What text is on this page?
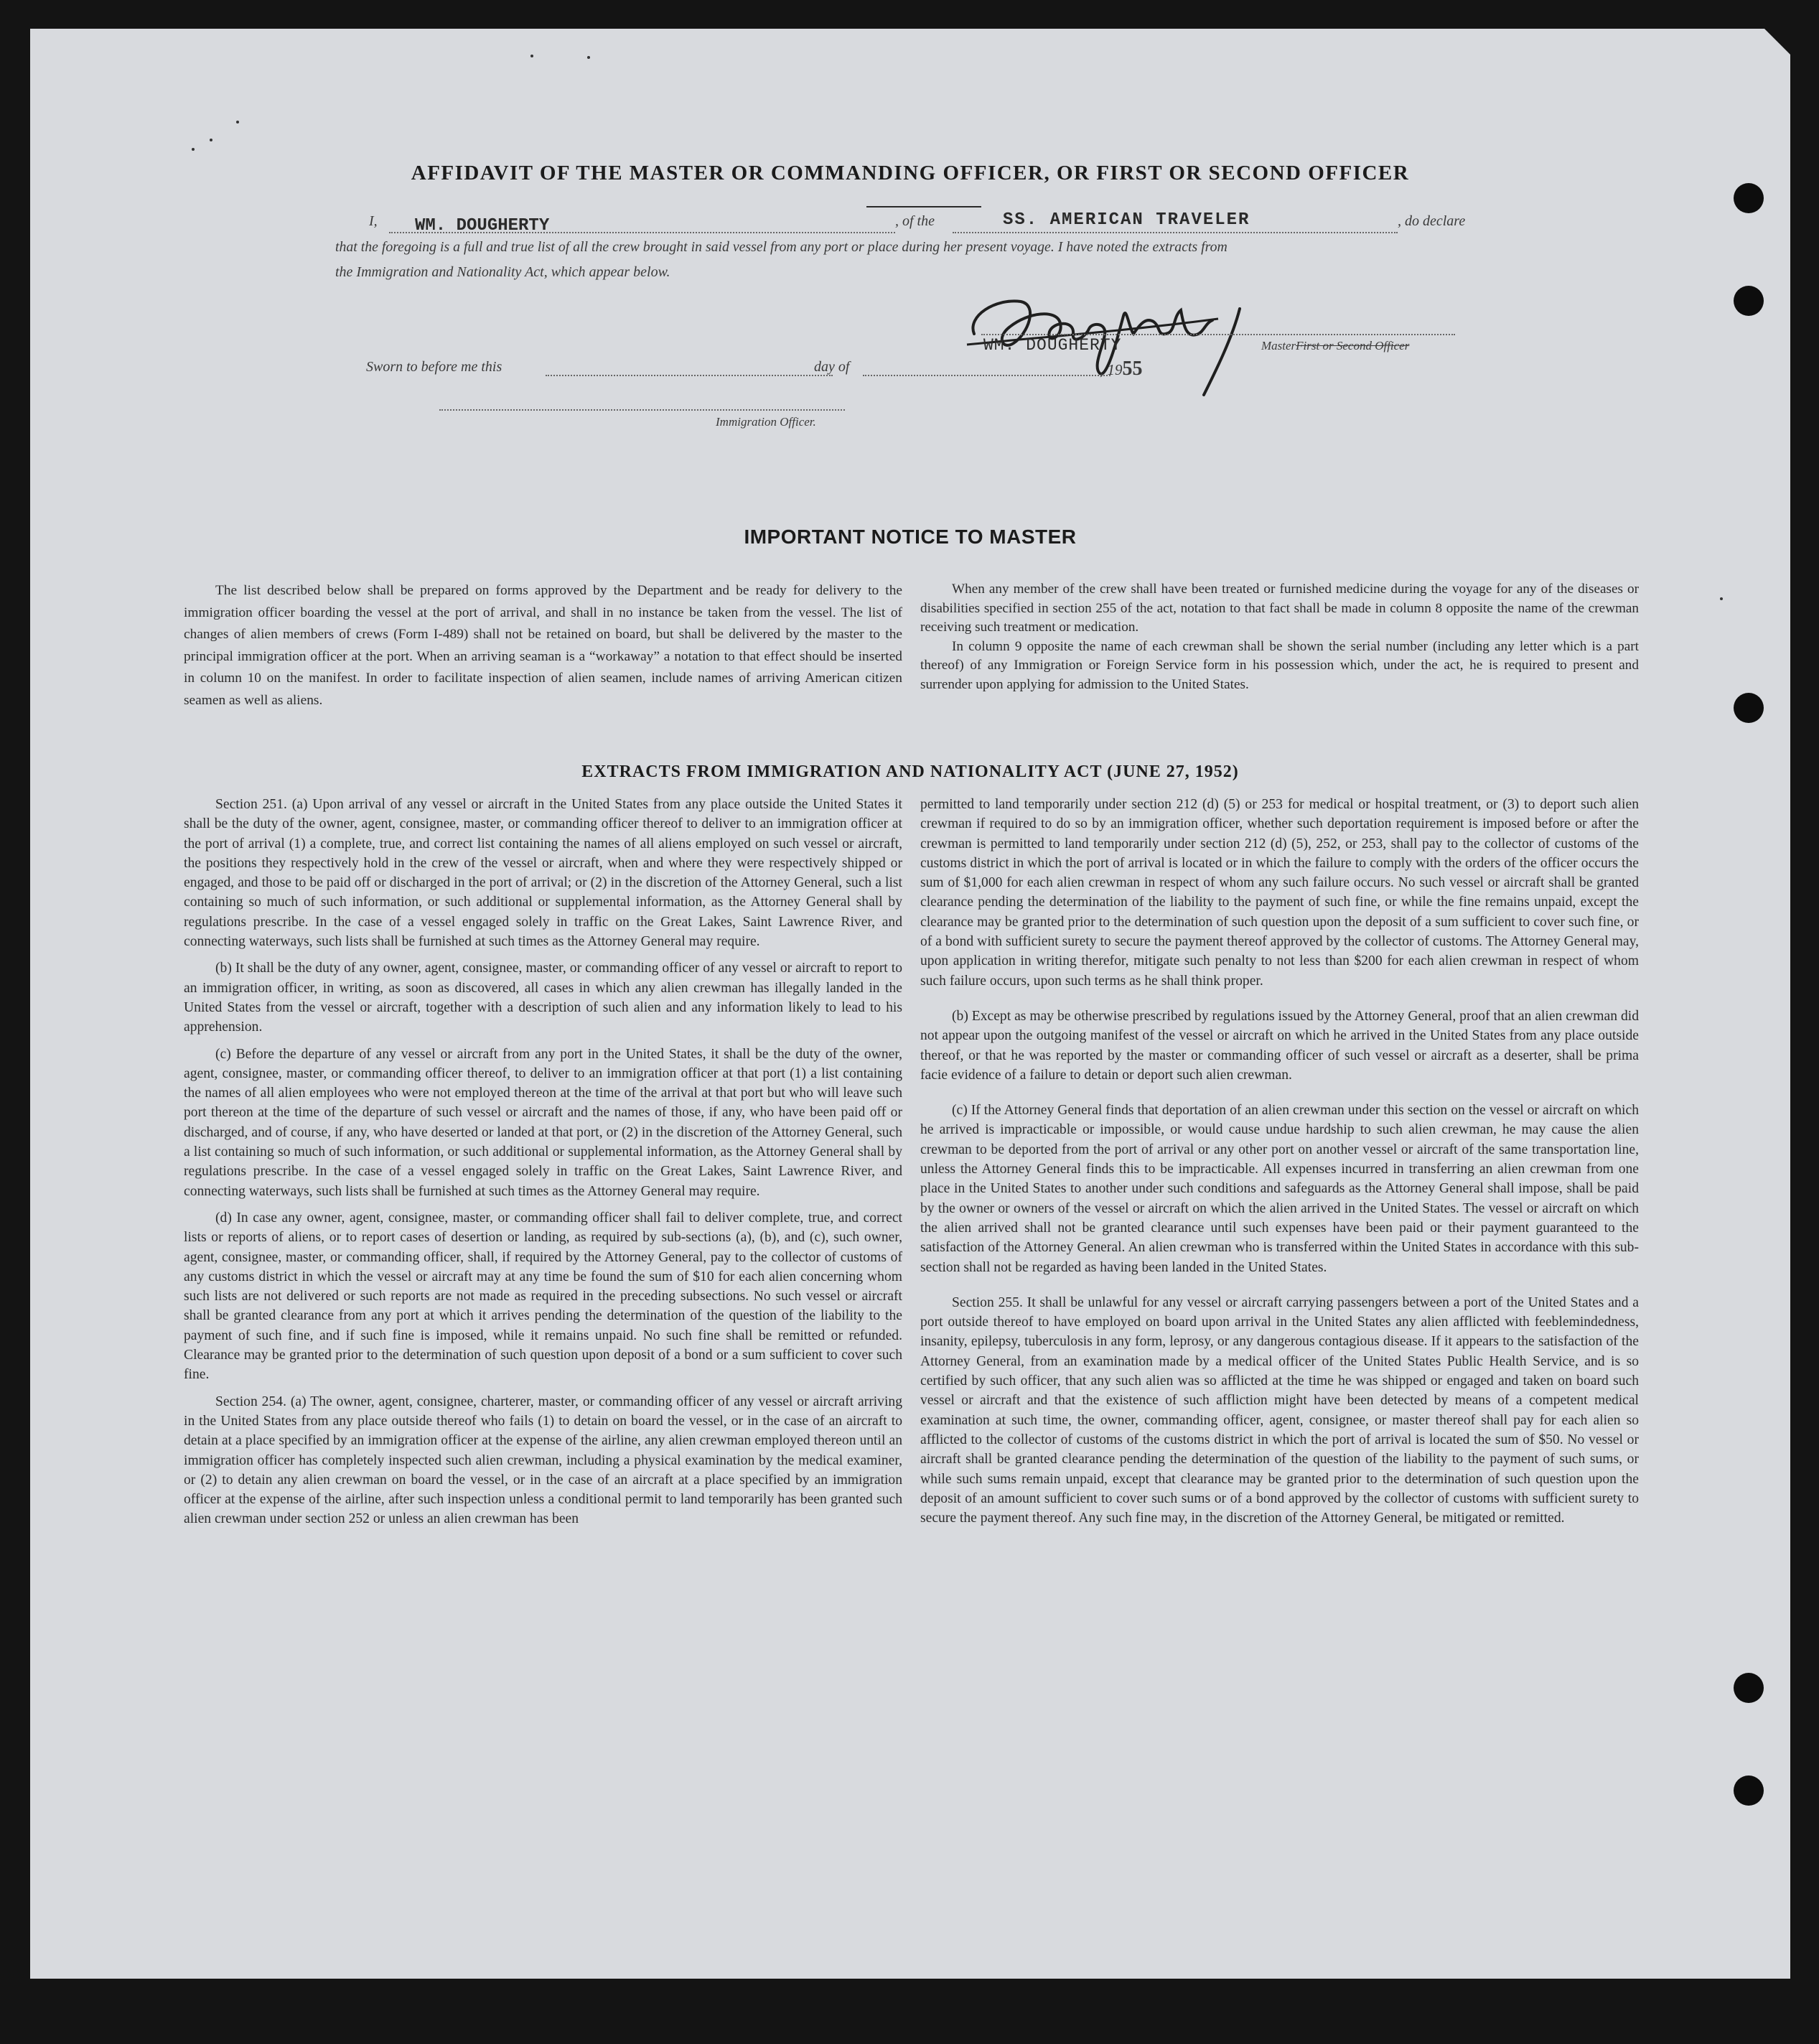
AFFIDAVIT OF THE MASTER OR COMMANDING OFFICER, OR FIRST OR SECOND OFFICER
I, WM. DOUGHERTY	, of the	SS. AMERICAN TRAVELER	, do declare
that the foregoing is a full and true list of all the crew brought in said vessel from any port or place during her present voyage. I have noted the extracts from
the Immigration and Nationality Act, which appear below.
WM. DOUGHERTY	MasterFirst or Second Officer
Sworn to before me this	day of	, 1955
Immigration Officer.
IMPORTANT NOTICE TO MASTER

The list described below shall be prepared on forms approved by the Department and be ready for delivery to the immigration officer boarding the vessel at the port of arrival, and shall in no instance be taken from the vessel. The list of changes of alien members of crews (Form I-489) shall not be retained on board, but shall be delivered by the master to the principal immigration officer at the port. When an arriving seaman is a “workaway” a notation to that effect should be inserted in column 10 on the manifest. In order to facilitate inspection of alien seamen, include names of arriving American citizen seamen as well as aliens.

When any member of the crew shall have been treated or furnished medicine during the voyage for any of the diseases or disabilities specified in section 255 of the act, notation to that fact shall be made in column 8 opposite the name of the crewman receiving such treatment or medication.

In column 9 opposite the name of each crewman shall be shown the serial number (including any letter which is a part thereof) of any Immigration or Foreign Service form in his possession which, under the act, he is required to present and surrender upon applying for admission to the United States.

EXTRACTS FROM IMMIGRATION AND NATIONALITY ACT (JUNE 27, 1952)

Section 251. (a) Upon arrival of any vessel or aircraft in the United States from any place outside the United States it shall be the duty of the owner, agent, consignee, master, or commanding officer thereof to deliver to an immigration officer at the port of arrival (1) a complete, true, and correct list containing the names of all aliens employed on such vessel or aircraft, the positions they respectively hold in the crew of the vessel or aircraft, when and where they were respectively shipped or engaged, and those to be paid off or discharged in the port of arrival; or (2) in the discretion of the Attorney General, such a list containing so much of such information, or such additional or supplemental information, as the Attorney General shall by regulations prescribe. In the case of a vessel engaged solely in traffic on the Great Lakes, Saint Lawrence River, and connecting waterways, such lists shall be furnished at such times as the Attorney General may require.

(b) It shall be the duty of any owner, agent, consignee, master, or commanding officer of any vessel or aircraft to report to an immigration officer, in writing, as soon as discovered, all cases in which any alien crewman has illegally landed in the United States from the vessel or aircraft, together with a description of such alien and any information likely to lead to his apprehension.

(c) Before the departure of any vessel or aircraft from any port in the United States, it shall be the duty of the owner, agent, consignee, master, or commanding officer thereof, to deliver to an immigration officer at that port (1) a list containing the names of all alien employees who were not employed thereon at the time of the arrival at that port but who will leave such port thereon at the time of the departure of such vessel or aircraft and the names of those, if any, who have been paid off or discharged, and of course, if any, who have deserted or landed at that port, or (2) in the discretion of the Attorney General, such a list containing so much of such information, or such additional or supplemental information, as the Attorney General shall by regulations prescribe. In the case of a vessel engaged solely in traffic on the Great Lakes, Saint Lawrence River, and connecting waterways, such lists shall be furnished at such times as the Attorney General may require.

(d) In case any owner, agent, consignee, master, or commanding officer shall fail to deliver complete, true, and correct lists or reports of aliens, or to report cases of desertion or landing, as required by sub-sections (a), (b), and (c), such owner, agent, consignee, master, or commanding officer, shall, if required by the Attorney General, pay to the collector of customs of any customs district in which the vessel or aircraft may at any time be found the sum of $10 for each alien concerning whom such lists are not delivered or such reports are not made as required in the preceding subsections. No such vessel or aircraft shall be granted clearance from any port at which it arrives pending the determination of the question of the liability to the payment of such fine, and if such fine is imposed, while it remains unpaid. No such fine shall be remitted or refunded. Clearance may be granted prior to the determination of such question upon deposit of a bond or a sum sufficient to cover such fine.

Section 254. (a) The owner, agent, consignee, charterer, master, or commanding officer of any vessel or aircraft arriving in the United States from any place outside thereof who fails (1) to detain on board the vessel, or in the case of an aircraft to detain at a place specified by an immigration officer at the expense of the airline, any alien crewman employed thereon until an immigration officer has completely inspected such alien crewman, including a physical examination by the medical examiner, or (2) to detain any alien crewman on board the vessel, or in the case of an aircraft at a place specified by an immigration officer at the expense of the airline, after such inspection unless a conditional permit to land temporarily has been granted such alien crewman under section 252 or unless an alien crewman has been

permitted to land temporarily under section 212 (d) (5) or 253 for medical or hospital treatment, or (3) to deport such alien crewman if required to do so by an immigration officer, whether such deportation requirement is imposed before or after the crewman is permitted to land temporarily under section 212 (d) (5), 252, or 253, shall pay to the collector of customs of the customs district in which the port of arrival is located or in which the failure to comply with the orders of the officer occurs the sum of $1,000 for each alien crewman in respect of whom any such failure occurs. No such vessel or aircraft shall be granted clearance pending the determination of the liability to the payment of such fine, or while the fine remains unpaid, except the clearance may be granted prior to the determination of such question upon the deposit of a sum sufficient to cover such fine, or of a bond with sufficient surety to secure the payment thereof approved by the collector of customs. The Attorney General may, upon application in writing therefor, mitigate such penalty to not less than $200 for each alien crewman in respect of whom such failure occurs, upon such terms as he shall think proper.

(b) Except as may be otherwise prescribed by regulations issued by the Attorney General, proof that an alien crewman did not appear upon the outgoing manifest of the vessel or aircraft on which he arrived in the United States from any place outside thereof, or that he was reported by the master or commanding officer of such vessel or aircraft as a deserter, shall be prima facie evidence of a failure to detain or deport such alien crewman.

(c) If the Attorney General finds that deportation of an alien crewman under this section on the vessel or aircraft on which he arrived is impracticable or impossible, or would cause undue hardship to such alien crewman, he may cause the alien crewman to be deported from the port of arrival or any other port on another vessel or aircraft of the same transportation line, unless the Attorney General finds this to be impracticable. All expenses incurred in transferring an alien crewman from one place in the United States to another under such conditions and safeguards as the Attorney General shall impose, shall be paid by the owner or owners of the vessel or aircraft on which the alien arrived in the United States. The vessel or aircraft on which the alien arrived shall not be granted clearance until such expenses have been paid or their payment guaranteed to the satisfaction of the Attorney General. An alien crewman who is transferred within the United States in accordance with this sub-section shall not be regarded as having been landed in the United States.

Section 255. It shall be unlawful for any vessel or aircraft carrying passengers between a port of the United States and a port outside thereof to have employed on board upon arrival in the United States any alien afflicted with feeblemindedness, insanity, epilepsy, tuberculosis in any form, leprosy, or any dangerous contagious disease. If it appears to the satisfaction of the Attorney General, from an examination made by a medical officer of the United States Public Health Service, and is so certified by such officer, that any such alien was so afflicted at the time he was shipped or engaged and taken on board such vessel or aircraft and that the existence of such affliction might have been detected by means of a competent medical examination at such time, the owner, commanding officer, agent, consignee, or master thereof shall pay for each alien so afflicted to the collector of customs of the customs district in which the port of arrival is located the sum of $50. No vessel or aircraft shall be granted clearance pending the determination of the question of the liability to the payment of such sums, or while such sums remain unpaid, except that clearance may be granted prior to the determination of such question upon the deposit of an amount sufficient to cover such sums or of a bond approved by the collector of customs with sufficient surety to secure the payment thereof. Any such fine may, in the discretion of the Attorney General, be mitigated or remitted.
